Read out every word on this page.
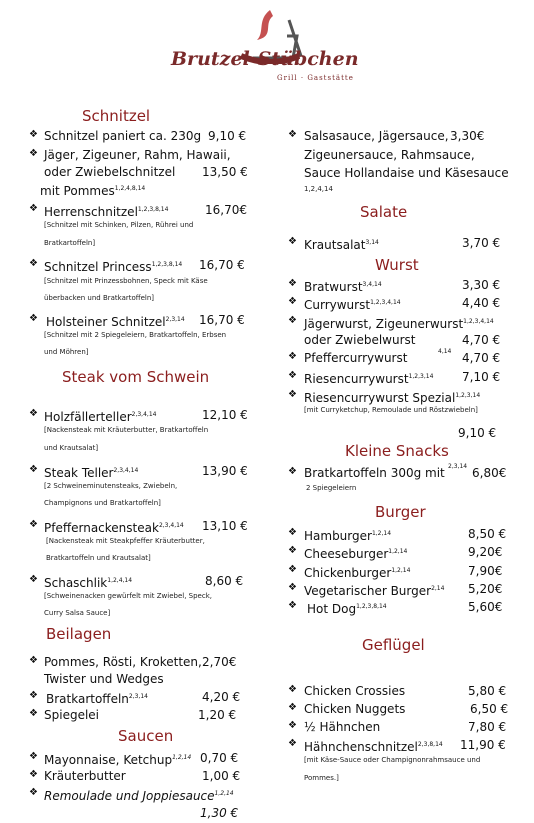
Brutzel-Stübchen
Grill · Gaststätte
Schnitzel
❖ Schnitzel paniert ca. 230g 9,10 €
❖ Jäger, Zigeuner, Rahm, Hawaii,
oder Zwiebelschnitzel 13,50 €
mit Pommes$^{1,2,4,8,14}$
❖ Herrenschnitzel$^{1,2,3,8,14}$	16,70€
[Schnitzel mit Schinken, Pilzen, Rührei und
Bratkartoffeln]
❖ Schnitzel Princess$^{1,2,3,8,14}$ 16,70 €
[Schnitzel mit Prinzessbohnen, Speck mit Käse
überbacken und Bratkartoffeln]
❖ Holsteiner Schnitzel$^{2,3,14}$ 16,70 €
[Schnitzel mit 2 Spiegeleiern, Bratkartoffeln, Erbsen
und Möhren]
Steak vom Schwein
❖ Holzfällerteller$^{2,3,4,14}$	12,10 €
[Nackensteak mit Kräuterbutter, Bratkartoffeln
und Krautsalat]
❖ Steak Teller$^{2,3,4,14}$	13,90 €
[2 Schweineminutensteaks, Zwiebeln,
Champignons und Bratkartoffeln]
❖ Pfeffernackensteak$^{2,3,4,14}$ 13,10 €
[Nackensteak mit Steakpfeffer Kräuterbutter,
Bratkartoffeln und Krautsalat]
❖ Schaschlik$^{1,2,4,14}$	8,60 €
[Schweinenacken gewürfelt mit Zwiebel, Speck,
Curry Salsa Sauce]
Beilagen
❖ Pommes, Rösti, Kroketten, 2,70€
Twister und Wedges
❖ Bratkartoffeln$^{2,3,14}$	4,20 €
❖ Spiegelei	1,20 €
Saucen
❖ Mayonnaise, Ketchup$^{1,2,14}$ 0,70 €
❖ Kräuterbutter	1,00 €
❖ Remoulade und Joppiesauce$^{1,2,14}$
1,30 €
❖ Salsasauce, Jägersauce, 3,30€
Zigeunersauce, Rahmsauce,
Sauce Hollandaise und Käsesauce
1,2,4,14
Salate
❖ Krautsalat$^{3,14}$	3,70 €
Wurst
❖ Bratwurst$^{3,4,14}$	3,30 €
❖ Currywurst$^{1,2,3,4,14}$	4,40 €
❖ Jägerwurst, Zigeunerwurst$^{1,2,3,4,14}$
oder Zwiebelwurst	4,70 €
❖ Pfeffercurrywurst	4,14 4,70 €
❖ Riesencurrywurst$^{1,2,3,14}$ 7,10 €
❖ Riesencurrywurst Spezial$^{1,2,3,14}$
[mit Curryketchup, Remoulade und Röstzwiebeln]
9,10 €
Kleine Snacks
❖ Bratkartoffeln 300g mit 2,3,14 6,80€
2 Spiegeleiern
Burger
❖ Hamburger$^{1,2,14}$	8,50 €
❖ Cheeseburger$^{1,2,14}$	9,20€
❖ Chickenburger$^{1,2,14}$	7,90€
❖ Vegetarischer Burger$^{2,14}$ 5,20€
❖ Hot Dog$^{1,2,3,8,14}$	5,60€
Geflügel
❖ Chicken Crossies	5,80 €
❖ Chicken Nuggets	6,50 €
❖ ½ Hähnchen	7,80 €
❖ Hähnchenschnitzel$^{2,3,8,14}$ 11,90 €
[mit Käse-Sauce oder Champignonrahmsauce und
Pommes.]
